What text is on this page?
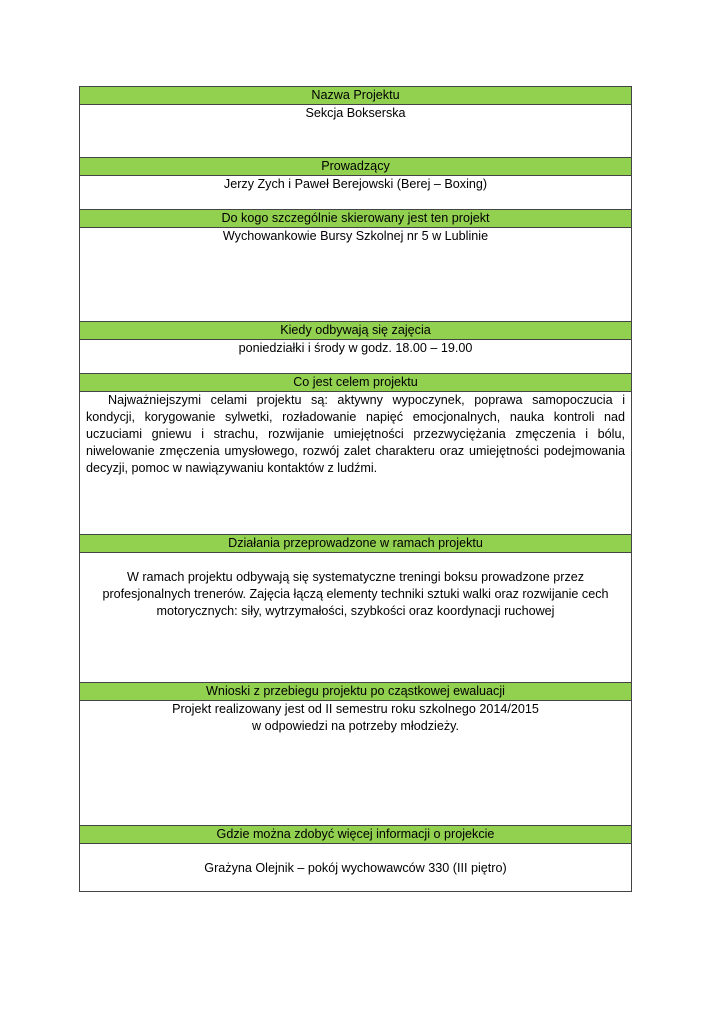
Nazwa Projektu

Sekcja Bokserska

Prowadzący

Jerzy Zych i Paweł Berejowski (Berej – Boxing)

Do kogo szczególnie skierowany jest ten projekt

Wychowankowie Bursy Szkolnej nr 5 w Lublinie

Kiedy odbywają się zajęcia

poniedziałki i środy w godz. 18.00 – 19.00

Co jest celem projektu
Najważniejszymi celami projektu są: aktywny wypoczynek, poprawa samopoczucia i kondycji, korygowanie sylwetki, rozładowanie napięć emocjonalnych, nauka kontroli nad uczuciami gniewu i strachu, rozwijanie umiejętności przezwyciężania zmęczenia i bólu, niwelowanie zmęczenia umysłowego, rozwój zalet charakteru oraz umiejętności podejmowania decyzji, pomoc w nawiązywaniu kontaktów z ludźmi.
Działania przeprowadzone w ramach projektu
W ramach projektu odbywają się systematyczne treningi boksu prowadzone przez profesjonalnych trenerów. Zajęcia łączą elementy techniki sztuki walki oraz rozwijanie cech motorycznych: siły, wytrzymałości, szybkości oraz koordynacji ruchowej
Wnioski z przebiegu projektu po cząstkowej ewaluacji

Projekt realizowany jest od II semestru roku szkolnego 2014/2015
w odpowiedzi na potrzeby młodzieży.

Gdzie można zdobyć więcej informacji o projekcie

Grażyna Olejnik – pokój wychowawców 330 (III piętro)
